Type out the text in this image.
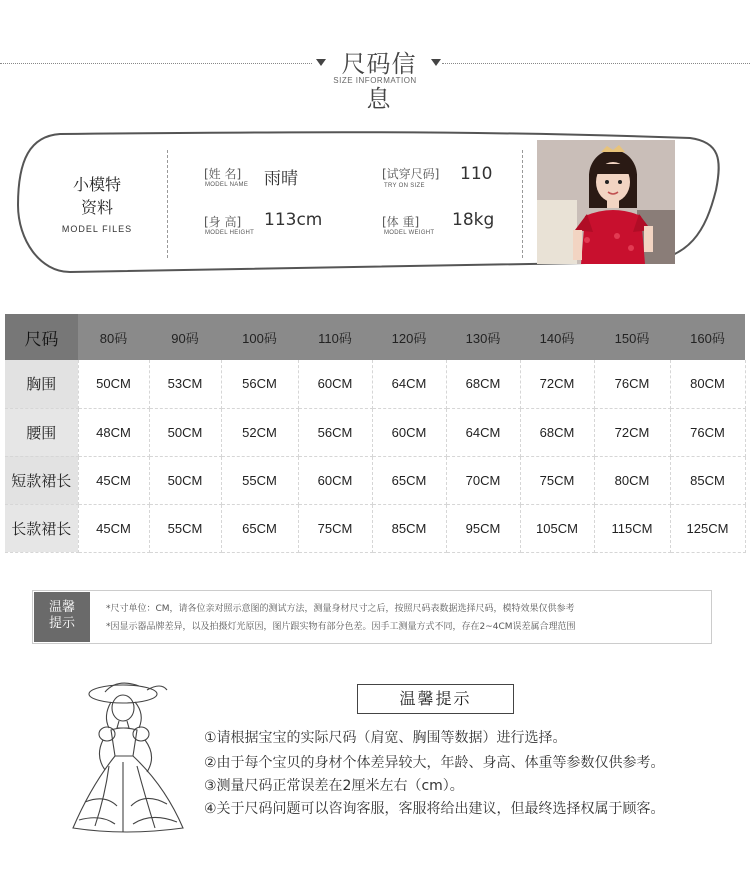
尺码信息
SIZE INFORMATION
小模特
资料
MODEL FILES
[姓 名]
MODEL NAME 雨晴
[身 高]
MODEL HEIGHT
113cm
[试穿尺码]
TRY ON SIZE
110
[体 重]
MODEL WEIGHT
18kg
尺码	80码	90码	100码	110码	120码	130码	140码	150码	160码
胸围	50CM	53CM	56CM	60CM	64CM	68CM	72CM	76CM	80CM
腰围	48CM	50CM	52CM	56CM	60CM	64CM	68CM	72CM	76CM
短款裙长	45CM	50CM	55CM	60CM	65CM	70CM	75CM	80CM	85CM
长款裙长	45CM	55CM	65CM	75CM	85CM	95CM	105CM	115CM	125CM
温馨
提示
*尺寸单位：CM，请各位亲对照示意图的测试方法，测量身材尺寸之后，按照尺码表数据选择尺码，模特效果仅供参考
*因显示器品牌差异，以及拍摄灯光原因，图片跟实物有部分色差。因手工测量方式不同，存在2~4CM误差属合理范围
温馨提示
①请根据宝宝的实际尺码（肩宽、胸围等数据）进行选择。
②由于每个宝贝的身材个体差异较大，年龄、身高、体重等参数仅供参考。
③测量尺码正常误差在2厘米左右（cm）。
④关于尺码问题可以咨询客服，客服将给出建议，但最终选择权属于顾客。
